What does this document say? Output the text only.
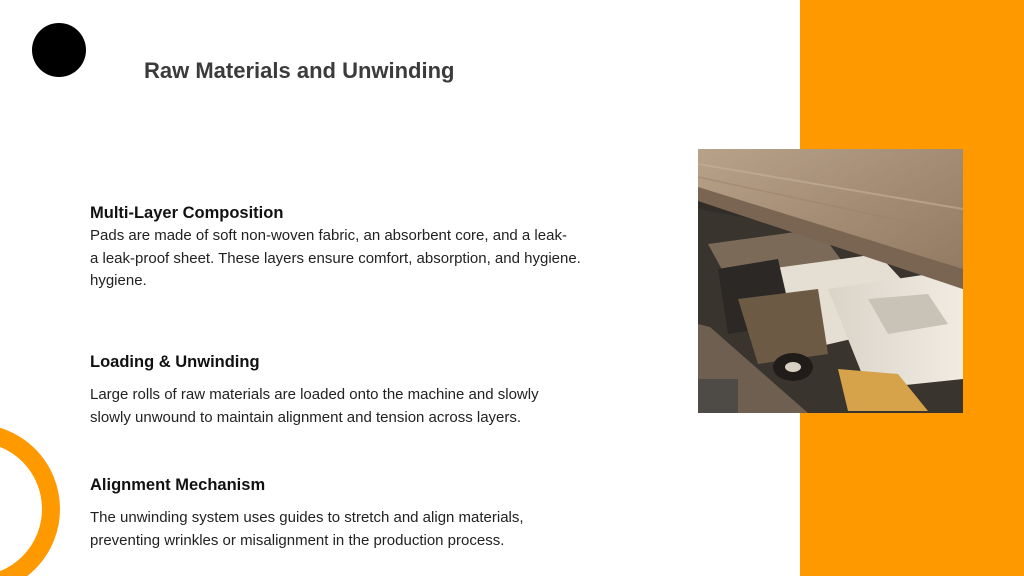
Raw Materials and Unwinding
Multi-Layer Composition

Pads are made of soft non-woven fabric, an absorbent core, and a leak-
a leak-proof sheet. These layers ensure comfort, absorption, and hygiene.
hygiene.

Loading & Unwinding

Large rolls of raw materials are loaded onto the machine and slowly
slowly unwound to maintain alignment and tension across layers.

Alignment Mechanism

The unwinding system uses guides to stretch and align materials,
preventing wrinkles or misalignment in the production process.
